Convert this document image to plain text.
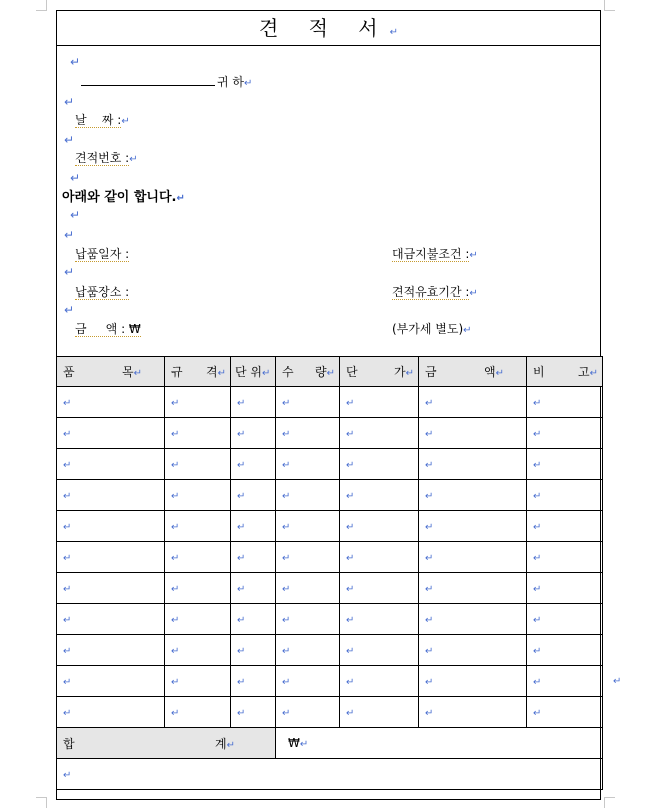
↵
견 적 서↵
↵
귀 하↵
↵
날    짜 :↵
↵
견적번호 :↵
↵
아래와 같이 합니다.↵
↵
↵
납품일자 :	대금지불조건 :↵
↵
납품장소 :	견적유효기간 :↵
↵
금     액 : ₩	(부가세 별도)↵
품 목↵	규 격↵	단 위↵	수 량↵	단 가↵	금 액↵	비 고↵

↵	↵	↵	↵	↵	↵	↵
↵	↵	↵	↵	↵	↵	↵
↵	↵	↵	↵	↵	↵	↵
↵	↵	↵	↵	↵	↵	↵
↵	↵	↵	↵	↵	↵	↵
↵	↵	↵	↵	↵	↵	↵
↵	↵	↵	↵	↵	↵	↵
↵	↵	↵	↵	↵	↵	↵
↵	↵	↵	↵	↵	↵	↵
↵	↵	↵	↵	↵	↵	↵
↵	↵	↵	↵	↵	↵	↵

합 계↵			₩↵			
↵						
